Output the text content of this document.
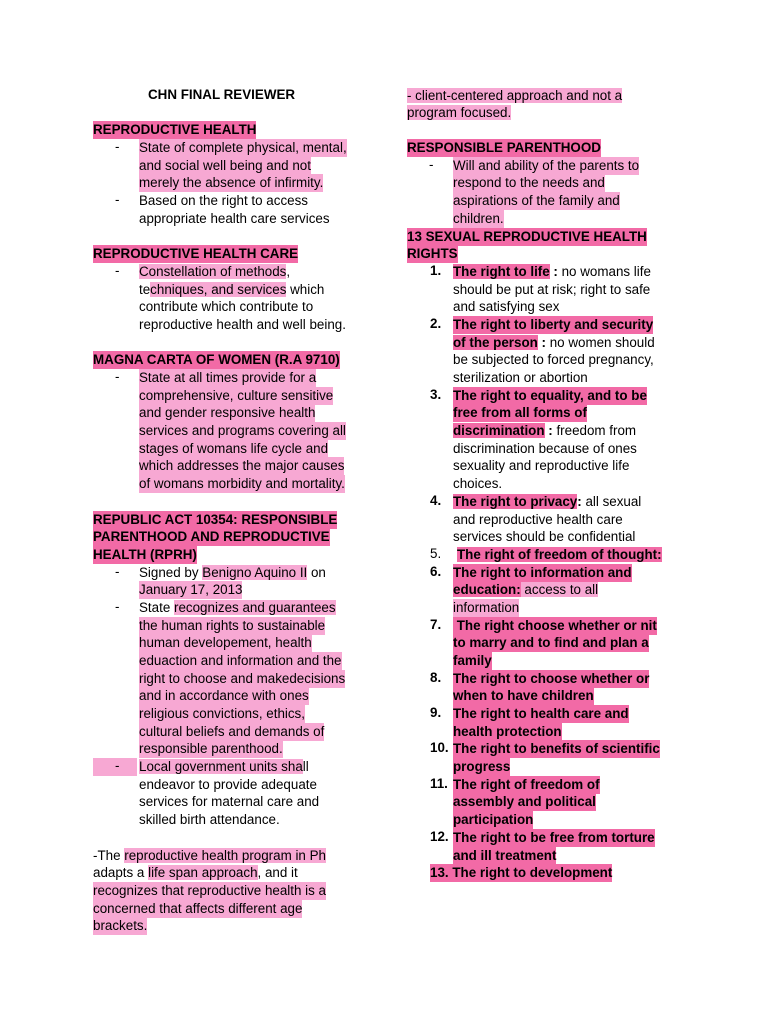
CHN FINAL REVIEWER
REPRODUCTIVE HEALTH
- State of complete physical, mental,
and social well being and not
merely the absence of infirmity.
- Based on the right to access
appropriate health care services
REPRODUCTIVE HEALTH CARE
- Constellation of methods,
techniques, and services which
contribute which contribute to
reproductive health and well being.
MAGNA CARTA OF WOMEN (R.A 9710)
- State at all times provide for a
comprehensive, culture sensitive
and gender responsive health
services and programs covering all
stages of womans life cycle and
which addresses the major causes
of womans morbidity and mortality.
REPUBLIC ACT 10354: RESPONSIBLE
PARENTHOOD AND REPRODUCTIVE
HEALTH (RPRH)
- Signed by Benigno Aquino II on
January 17, 2013
- State recognizes and guarantees
the human rights to sustainable
human developement, health
eduaction and information and the
right to choose and makedecisions
and in accordance with ones
religious convictions, ethics,
cultural beliefs and demands of
responsible parenthood.
- Local government units shall
endeavor to provide adequate
services for maternal care and
skilled birth attendance.
-The reproductive health program in Ph
adapts a life span approach, and it
recognizes that reproductive health is a
concerned that affects different age
brackets.
- client-centered approach and not a
program focused.
RESPONSIBLE PARENTHOOD
- Will and ability of the parents to
respond to the needs and
aspirations of the family and
children.
13 SEXUAL REPRODUCTIVE HEALTH
RIGHTS
1. The right to life : no womans life
should be put at risk; right to safe
and satisfying sex
2. The right to liberty and security
of the person : no women should
be subjected to forced pregnancy,
sterilization or abortion
3. The right to equality, and to be
free from all forms of
discrimination : freedom from
discrimination because of ones
sexuality and reproductive life
choices.
4. The right to privacy: all sexual
and reproductive health care
services should be confidential
5. The right of freedom of thought:
6. The right to information and
education: access to all
information
7. The right choose whether or nit
to marry and to find and plan a
family
8. The right to choose whether or
when to have children
9. The right to health care and
health protection
10. The right to benefits of scientific
progress
11. The right of freedom of
assembly and political
participation
12. The right to be free from torture
and ill treatment
13. The right to development
